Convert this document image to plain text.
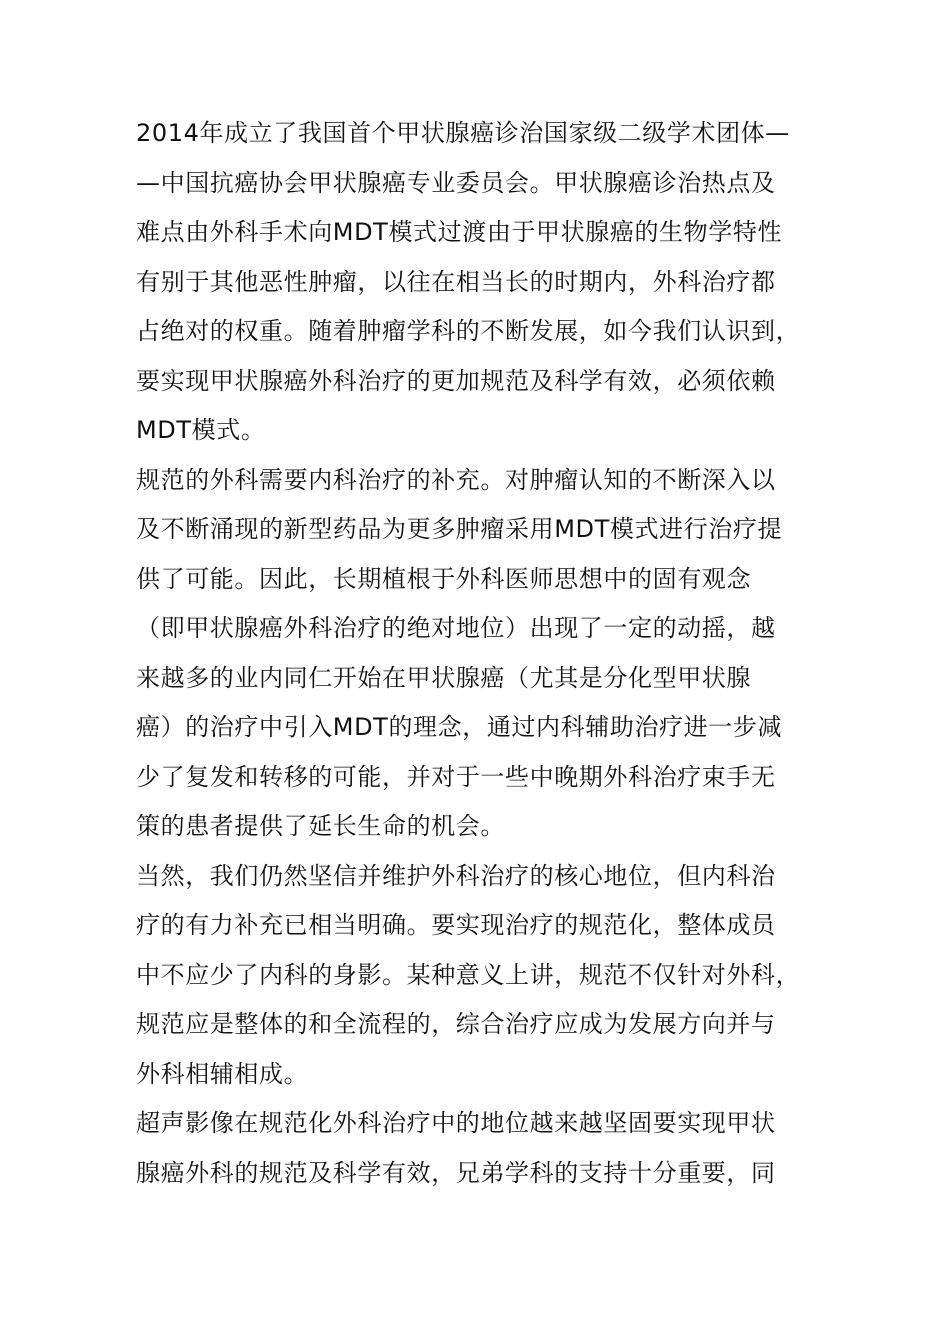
2014年成立了我国首个甲状腺癌诊治国家级二级学术团体—
—中国抗癌协会甲状腺癌专业委员会。甲状腺癌诊治热点及
难点由外科手术向MDT模式过渡由于甲状腺癌的生物学特性
有别于其他恶性肿瘤，以往在相当长的时期内，外科治疗都
占绝对的权重。随着肿瘤学科的不断发展，如今我们认识到，
要实现甲状腺癌外科治疗的更加规范及科学有效，必须依赖
MDT模式。
规范的外科需要内科治疗的补充。对肿瘤认知的不断深入以
及不断涌现的新型药品为更多肿瘤采用MDT模式进行治疗提
供了可能。因此，长期植根于外科医师思想中的固有观念
（即甲状腺癌外科治疗的绝对地位）出现了一定的动摇，越
来越多的业内同仁开始在甲状腺癌（尤其是分化型甲状腺
癌）的治疗中引入MDT的理念，通过内科辅助治疗进一步减
少了复发和转移的可能，并对于一些中晚期外科治疗束手无
策的患者提供了延长生命的机会。
当然，我们仍然坚信并维护外科治疗的核心地位，但内科治
疗的有力补充已相当明确。要实现治疗的规范化，整体成员
中不应少了内科的身影。某种意义上讲，规范不仅针对外科，
规范应是整体的和全流程的，综合治疗应成为发展方向并与
外科相辅相成。
超声影像在规范化外科治疗中的地位越来越坚固要实现甲状
腺癌外科的规范及科学有效，兄弟学科的支持十分重要，同
